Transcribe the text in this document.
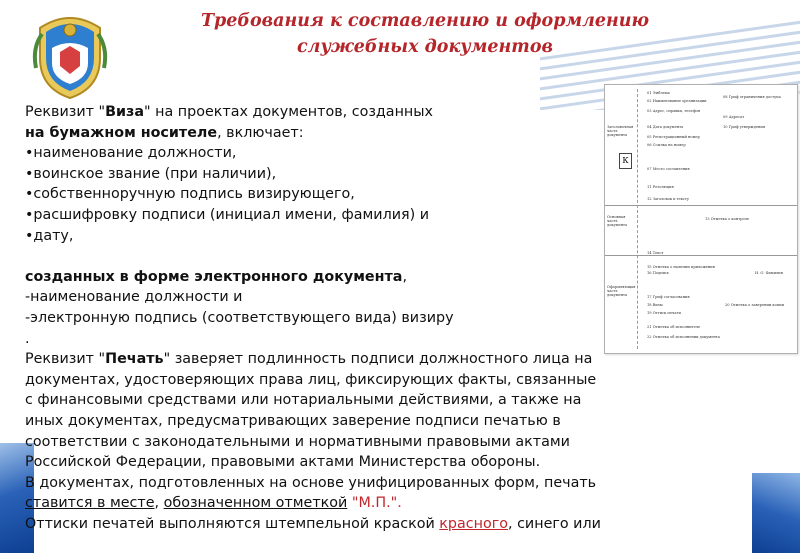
Требования к составлению и оформлению
служебных документов
Заголовочная часть документа
Основная часть документа
Оформляющая часть документа
К
01 Эмблема
02 Наименование организации
03 Адрес, справки, телефон
04 Дата документа
05 Регистрационный номер
06 Ссылка на номер
07 Место составления
08 Гриф ограничения доступа
09 Адресат
10 Гриф утверждения
11 Резолюция
12 Заголовок к тексту
13 Отметка о контроле
14 Текст
15 Отметка о наличии приложения
16 Подпись
17 Гриф согласования
18 Визы
19 Оттиск печати
20 Отметка о заверении копии
21 Отметка об исполнителе
22 Отметка об исполнении документа
И. О. Фамилия
Реквизит "Виза" на проектах документов, созданных
на бумажном носителе, включает:
•наименование должности,
•воинское звание (при наличии),
•собственноручную подпись визирующего,
•расшифровку подписи (инициал имени, фамилия) и
•дату,
созданных в форме электронного документа,
-наименование должности и
-электронную подпись (соответствующего вида) визиру
.
Реквизит "Печать" заверяет подлинность подписи должностного лица на
документах, удостоверяющих права лиц, фиксирующих факты, связанные
с финансовыми средствами или нотариальными действиями, а также на
иных документах, предусматривающих заверение подписи печатью в
соответствии с законодательными и нормативными правовыми актами
Российской Федерации, правовыми актами Министерства обороны.
В документах, подготовленных на основе унифицированных форм, печать
ставится в месте, обозначенном отметкой "М.П.".
Оттиски печатей выполняются штемпельной краской красного, синего или
